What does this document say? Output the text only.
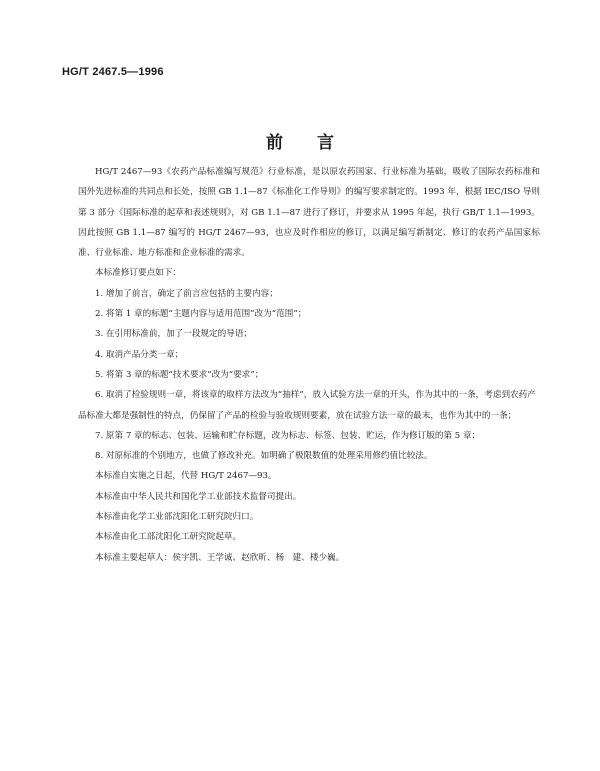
HG/T 2467.5—1996
前言

HG/T 2467—93《农药产品标准编写规范》行业标准，是以原农药国家、行业标准为基础，吸收了国际农药标准和国外先进标准的共同点和长处，按照 GB 1.1—87《标准化工作导则》的编写要求制定的。1993 年，根据 IEC/ISO 导则第 3 部分《国际标准的起草和表述规则》，对 GB 1.1—87 进行了修订，并要求从 1995 年起，执行 GB/T 1.1—1993。因此按照 GB 1.1—87 编写的 HG/T 2467—93，也应及时作相应的修订，以满足编写新制定、修订的农药产品国家标准、行业标准、地方标准和企业标准的需求。

本标准修订要点如下：

1. 增加了前言，确定了前言应包括的主要内容；

2. 将第 1 章的标题“主题内容与适用范围”改为“范围”；

3. 在引用标准前，加了一段规定的导语；

4. 取消产品分类一章；

5. 将第 3 章的标题“技术要求”改为“要求”；

6. 取消了检验规则一章，将该章的取样方法改为“抽样”，放入试验方法一章的开头，作为其中的一条，考虑到农药产品标准大都是强制性的特点，仍保留了产品的检验与验收规则要素，放在试验方法一章的最末，也作为其中的一条；

7. 原第 7 章的标志、包装、运输和贮存标题，改为标志、标签、包装、贮运，作为修订版的第 5 章；

8. 对原标准的个别地方，也做了修改补充。如明确了极限数值的处理采用修约值比较法。

本标准自实施之日起，代替 HG/T 2467—93。

本标准由中华人民共和国化学工业部技术监督司提出。

本标准由化学工业部沈阳化工研究院归口。

本标准由化工部沈阳化工研究院起草。

本标准主要起草人：侯宇凯、王学诚、赵欣昕、杨　建、楼少巍。
